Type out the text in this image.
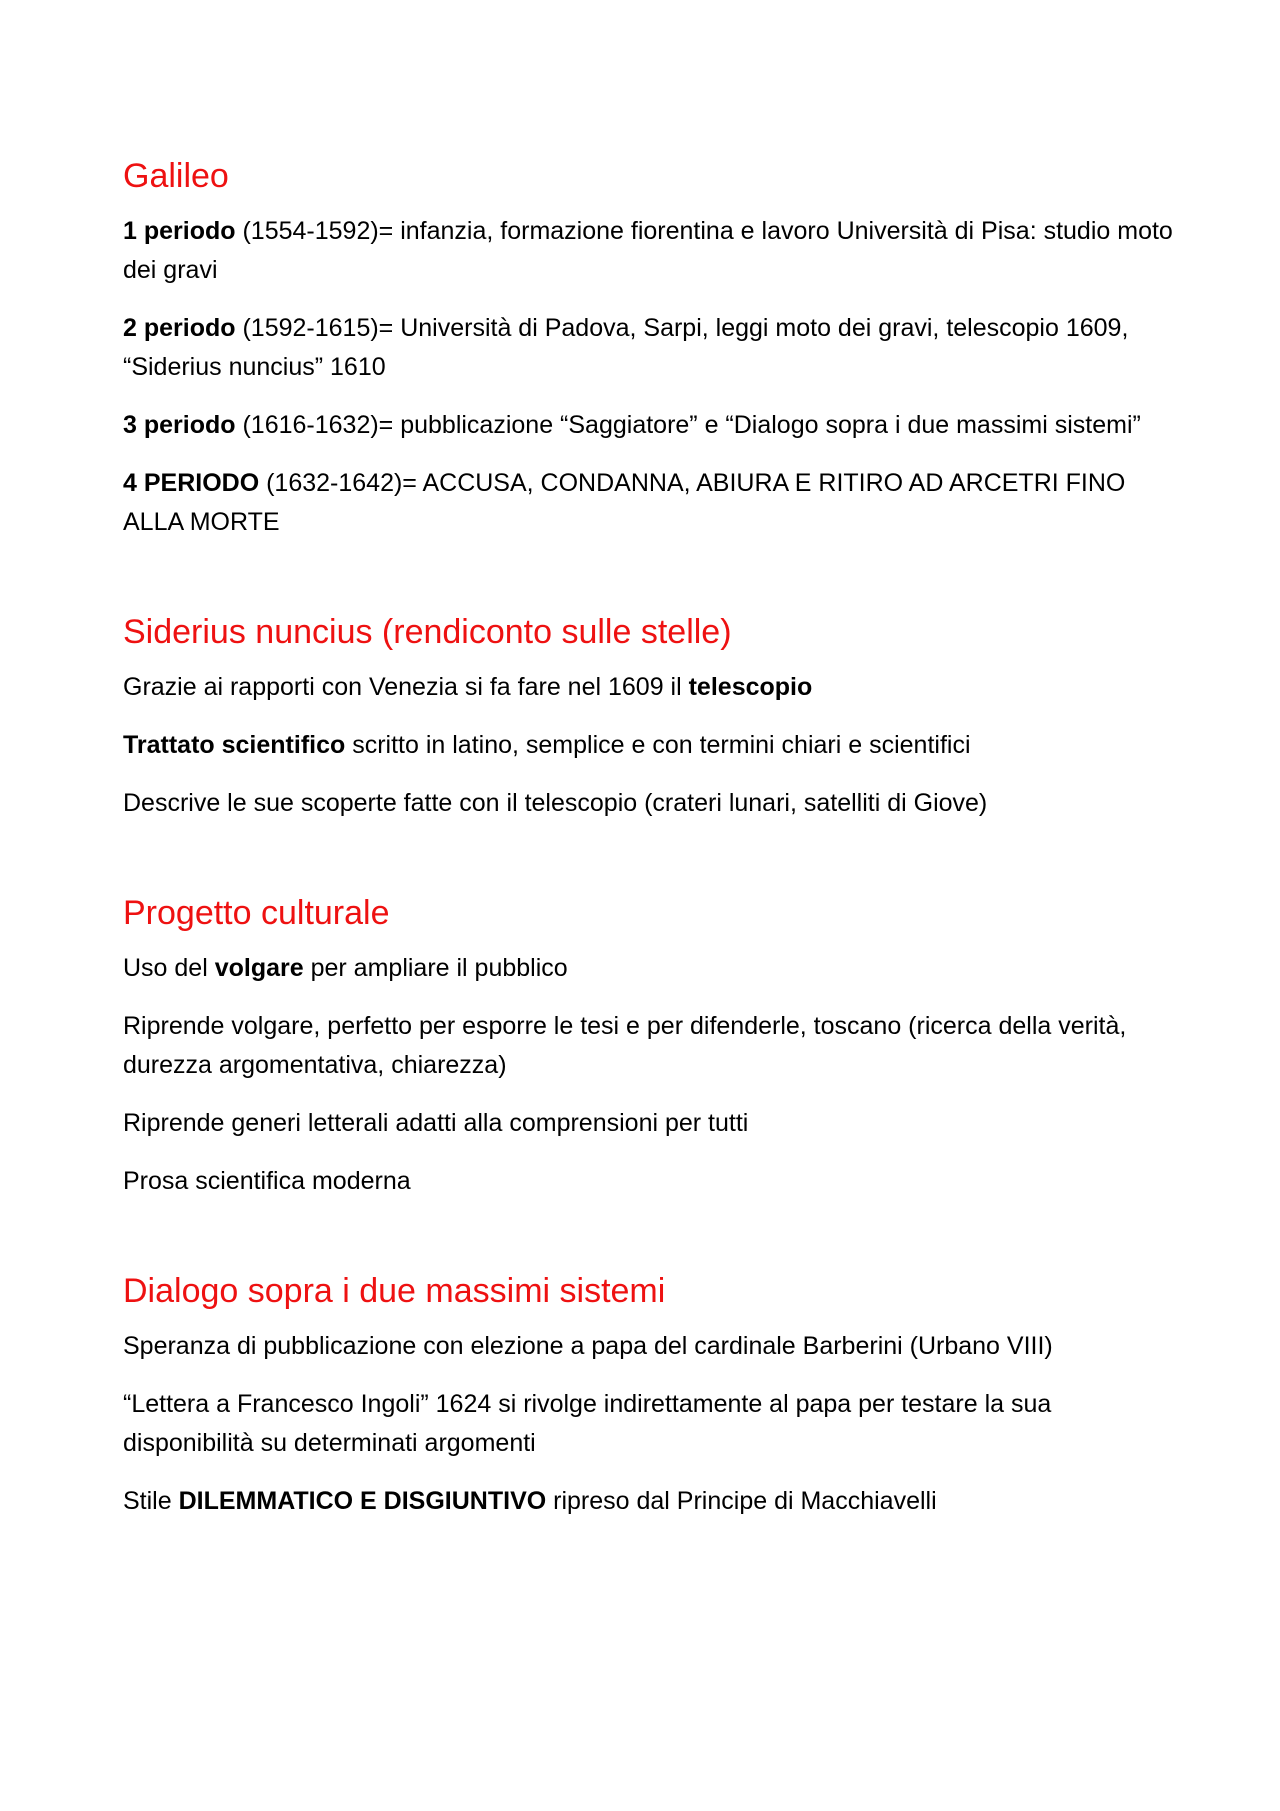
Galileo

1 periodo (1554-1592)= infanzia, formazione fiorentina e lavoro Università di Pisa: studio moto dei gravi

2 periodo (1592-1615)= Università di Padova, Sarpi, leggi moto dei gravi, telescopio 1609, “Siderius nuncius” 1610

3 periodo (1616-1632)= pubblicazione “Saggiatore” e “Dialogo sopra i due massimi sistemi”

4 PERIODO (1632-1642)= ACCUSA, CONDANNA, ABIURA E RITIRO AD ARCETRI FINO ALLA MORTE

Siderius nuncius (rendiconto sulle stelle)

Grazie ai rapporti con Venezia si fa fare nel 1609 il telescopio

Trattato scientifico scritto in latino, semplice e con termini chiari e scientifici

Descrive le sue scoperte fatte con il telescopio (crateri lunari, satelliti di Giove)

Progetto culturale

Uso del volgare per ampliare il pubblico

Riprende volgare, perfetto per esporre le tesi e per difenderle, toscano (ricerca della verità, durezza argomentativa, chiarezza)

Riprende generi letterali adatti alla comprensioni per tutti

Prosa scientifica moderna

Dialogo sopra i due massimi sistemi

Speranza di pubblicazione con elezione a papa del cardinale Barberini (Urbano VIII)

“Lettera a Francesco Ingoli” 1624 si rivolge indirettamente al papa per testare la sua disponibilità su determinati argomenti

Stile DILEMMATICO E DISGIUNTIVO ripreso dal Principe di Macchiavelli
